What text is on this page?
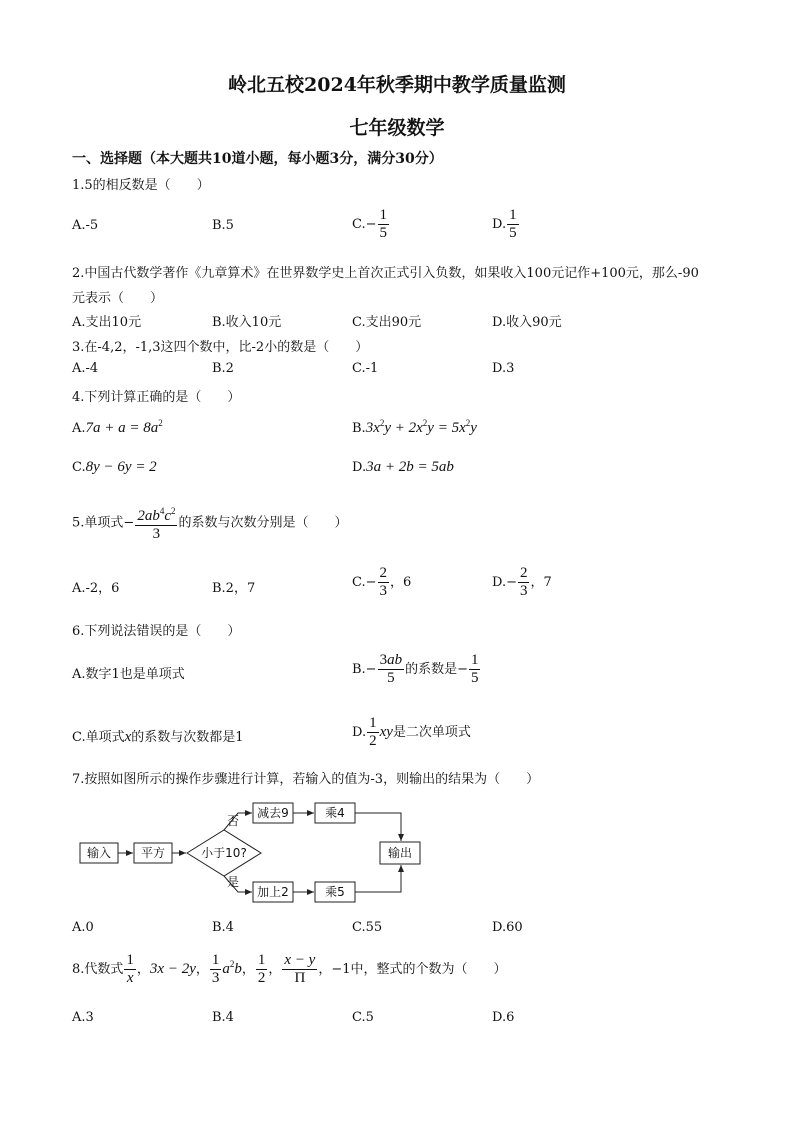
岭北五校2024年秋季期中教学质量监测
七年级数学
一、选择题（本大题共10道小题，每小题3分，满分30分）
1.5的相反数是（　　）
A.-5	B.5	$C.- \frac{1}{5}$	D. $\frac{1}{5}$
2.中国古代数学著作《九章算术》在世界数学史上首次正式引入负数，如果收入100元记作+100元，那么-90
元表示（　　）
A.支出10元	B.收入10元	C.支出90元	D.收入90元
3.在-4,2，-1,3这四个数中，比-2小的数是（　　）
A.-4	B.2	C.-1	D.3
4.下列计算正确的是（　　）
$A.7a + a = 8a^2$	$B.3x^2y + 2x^2y = 5x^2y$
C.8y − 6y = 2	D.3a + 2b = 5ab
5.单项式− $\frac{2ab^4c^2}{3}$ 的系数与次数分别是（　　）
A.-2，6	B.2，7	$C.- \frac{2}{3}$ ，6	$D.- \frac{2}{3}$ ，7
6.下列说法错误的是（　　）
A.数字1也是单项式	$B.- \frac{3ab}{5}$ 的系数是− $\frac{1}{5}$
C.单项式x的系数与次数都是1	D. $\frac{1}{2}$ xy是二次单项式
7.按照如图所示的操作步骤进行计算，若输入的值为-3，则输出的结果为（　　）
输入 平方	小于10?
否
减去9	乘4
是
加上2	乘5
输出
A.0	B.4	C.55	D.60
8.代数式 $\frac{1}{x}$ ，3x − 2y， $\frac{1}{3} a^2b$， $\frac{1}{2}$ ， $\frac{x - y}{\Pi}$ ，−1中，整式的个数为（　　）
A.3	B.4	C.5	D.6
